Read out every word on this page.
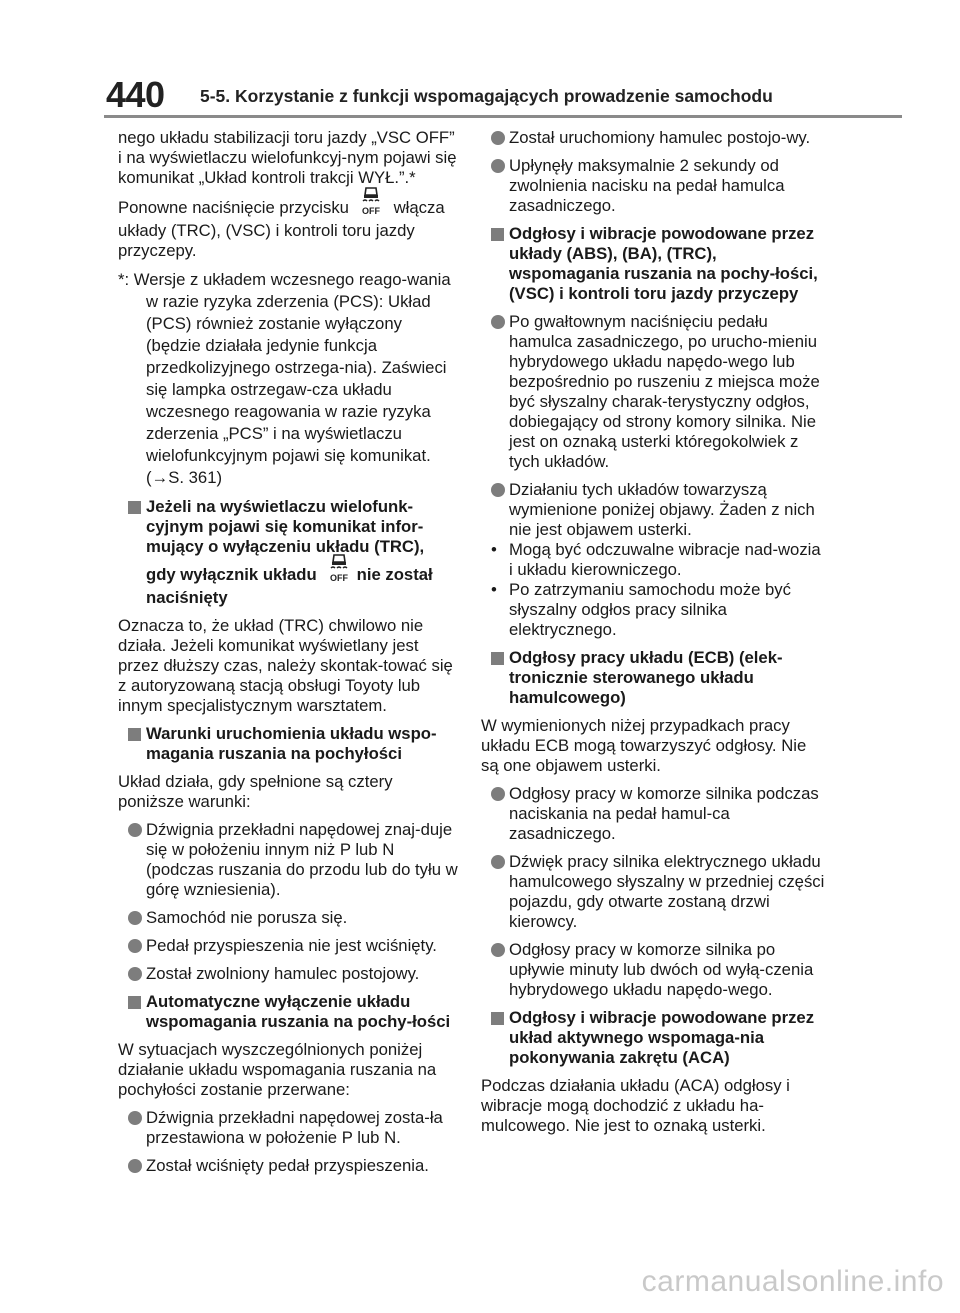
440 5-5. Korzystanie z funkcji wspomagających prowadzenie samochodu

nego układu stabilizacji toru jazdy „VSC OFF” i na wyświetlaczu wielofunkcyj-nym pojawi się komunikat „Układ kontroli trakcji WYŁ.”.*

Ponowne naciśnięcie przycisku OFF włącza układy (TRC), (VSC) i kontroli toru jazdy przyczepy.

*: Wersje z układem wczesnego reago-wania w razie ryzyka zderzenia (PCS): Układ (PCS) również zostanie wyłączony (będzie działała jedynie funkcja przedkolizyjnego ostrzega-nia). Zaświeci się lampka ostrzegaw-cza układu wczesnego reagowania w razie ryzyka zderzenia „PCS” i na wyświetlaczu wielofunkcyjnym pojawi się komunikat. (→S. 361)

Jeżeli na wyświetlaczu wielofunk-cyjnym pojawi się komunikat infor-mujący o wyłączeniu układu (TRC),
gdy wyłącznik układu OFF nie został naciśnięty

Oznacza to, że układ (TRC) chwilowo nie działa. Jeżeli komunikat wyświetlany jest przez dłuższy czas, należy skontak-tować się z autoryzowaną stacją obsługi Toyoty lub innym specjalistycznym warsztatem.

Warunki uruchomienia układu wspo-magania ruszania na pochyłości

Układ działa, gdy spełnione są cztery poniższe warunki:

Dźwignia przekładni napędowej znaj-duje się w położeniu innym niż P lub N (podczas ruszania do przodu lub do tyłu w górę wzniesienia).
Samochód nie porusza się.
Pedał przyspieszenia nie jest wciśnięty.
Został zwolniony hamulec postojowy.
Automatyczne wyłączenie układu wspomagania ruszania na pochy-łości

W sytuacjach wyszczególnionych poniżej działanie układu wspomagania ruszania na pochyłości zostanie przerwane:

Dźwignia przekładni napędowej zosta-ła przestawiona w położenie P lub N.
Został wciśnięty pedał przyspieszenia.
Został uruchomiony hamulec postojo-wy.
Upłynęły maksymalnie 2 sekundy od zwolnienia nacisku na pedał hamulca zasadniczego.
Odgłosy i wibracje powodowane przez układy (ABS), (BA), (TRC), wspomagania ruszania na pochy-łości, (VSC) i kontroli toru jazdy przyczepy
Po gwałtownym naciśnięciu pedału hamulca zasadniczego, po urucho-mieniu hybrydowego układu napędo-wego lub bezpośrednio po ruszeniu z miejsca może być słyszalny charak-terystyczny odgłos, dobiegający od strony komory silnika. Nie jest on oznaką usterki któregokolwiek z tych układów.
Działaniu tych układów towarzyszą wymienione poniżej objawy. Żaden z nich nie jest objawem usterki.
• Mogą być odczuwalne wibracje nad-wozia i układu kierowniczego.
• Po zatrzymaniu samochodu może być słyszalny odgłos pracy silnika elektrycznego.
Odgłosy pracy układu (ECB) (elek-tronicznie sterowanego układu hamulcowego)

W wymienionych niżej przypadkach pracy układu ECB mogą towarzyszyć odgłosy. Nie są one objawem usterki.

Odgłosy pracy w komorze silnika podczas naciskania na pedał hamul-ca zasadniczego.
Dźwięk pracy silnika elektrycznego układu hamulcowego słyszalny w przedniej części pojazdu, gdy otwarte zostaną drzwi kierowcy.
Odgłosy pracy w komorze silnika po upływie minuty lub dwóch od wyłą-czenia hybrydowego układu napędo-wego.
Odgłosy i wibracje powodowane przez układ aktywnego wspomaga-nia pokonywania zakrętu (ACA)

Podczas działania układu (ACA) odgłosy i wibracje mogą dochodzić z układu ha-mulcowego. Nie jest to oznaką usterki.

carmanualsonline.info
